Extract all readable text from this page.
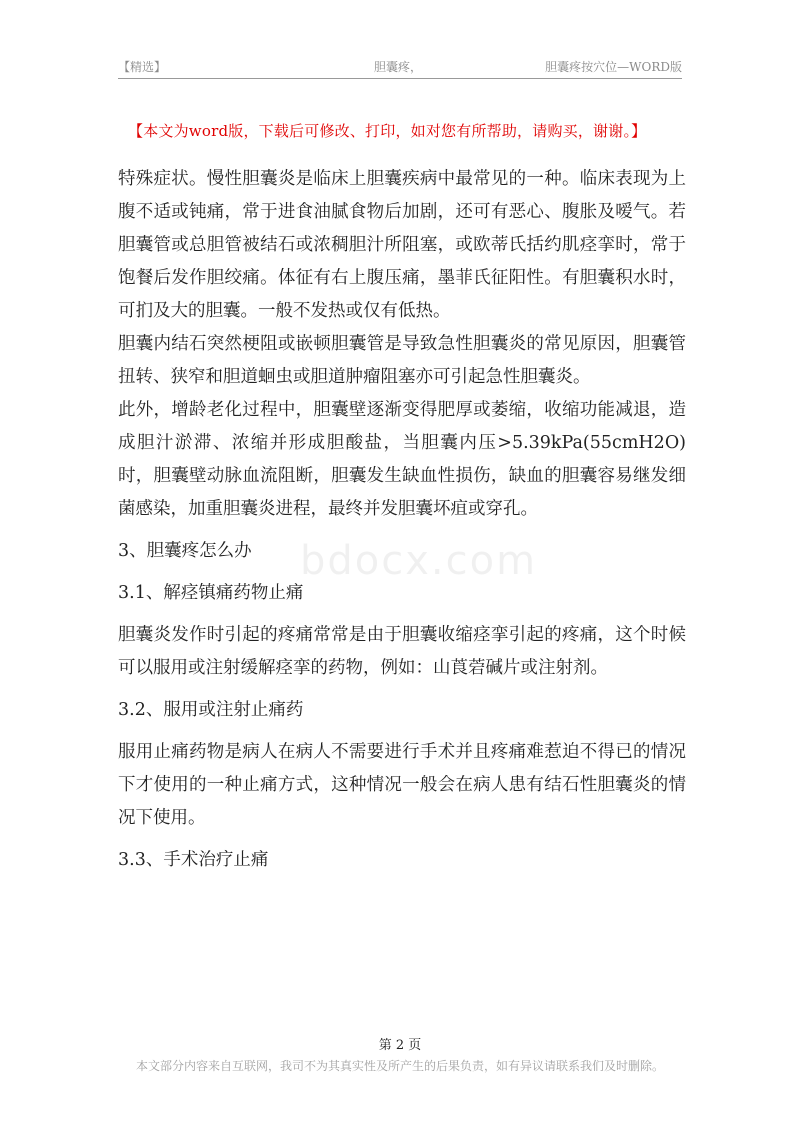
【精选】	胆囊疼，	胆囊疼按穴位—WORD版
【本文为word版，下载后可修改、打印，如对您有所帮助，请购买，谢谢。】
bdocx.com

特殊症状。慢性胆囊炎是临床上胆囊疾病中最常见的一种。临床表现为上腹不适或钝痛，常于进食油腻食物后加剧，还可有恶心、腹胀及嗳气。若胆囊管或总胆管被结石或浓稠胆汁所阻塞，或欧蒂氏括约肌痉挛时，常于饱餐后发作胆绞痛。体征有右上腹压痛，墨菲氏征阳性。有胆囊积水时，可扪及大的胆囊。一般不发热或仅有低热。

胆囊内结石突然梗阻或嵌顿胆囊管是导致急性胆囊炎的常见原因，胆囊管扭转、狭窄和胆道蛔虫或胆道肿瘤阻塞亦可引起急性胆囊炎。

此外，增龄老化过程中，胆囊壁逐渐变得肥厚或萎缩，收缩功能减退，造成胆汁淤滞、浓缩并形成胆酸盐，当胆囊内压>5.39kPa(55cmH2O)时，胆囊壁动脉血流阻断，胆囊发生缺血性损伤，缺血的胆囊容易继发细菌感染，加重胆囊炎进程，最终并发胆囊坏疽或穿孔。

3、胆囊疼怎么办

3.1、解痉镇痛药物止痛

胆囊炎发作时引起的疼痛常常是由于胆囊收缩痉挛引起的疼痛，这个时候可以服用或注射缓解痉挛的药物，例如：山莨菪碱片或注射剂。

3.2、服用或注射止痛药

服用止痛药物是病人在病人不需要进行手术并且疼痛难惹迫不得已的情况下才使用的一种止痛方式，这种情况一般会在病人患有结石性胆囊炎的情况下使用。

3.3、手术治疗止痛

第 2 页
本文部分内容来自互联网，我司不为其真实性及所产生的后果负责，如有异议请联系我们及时删除。
